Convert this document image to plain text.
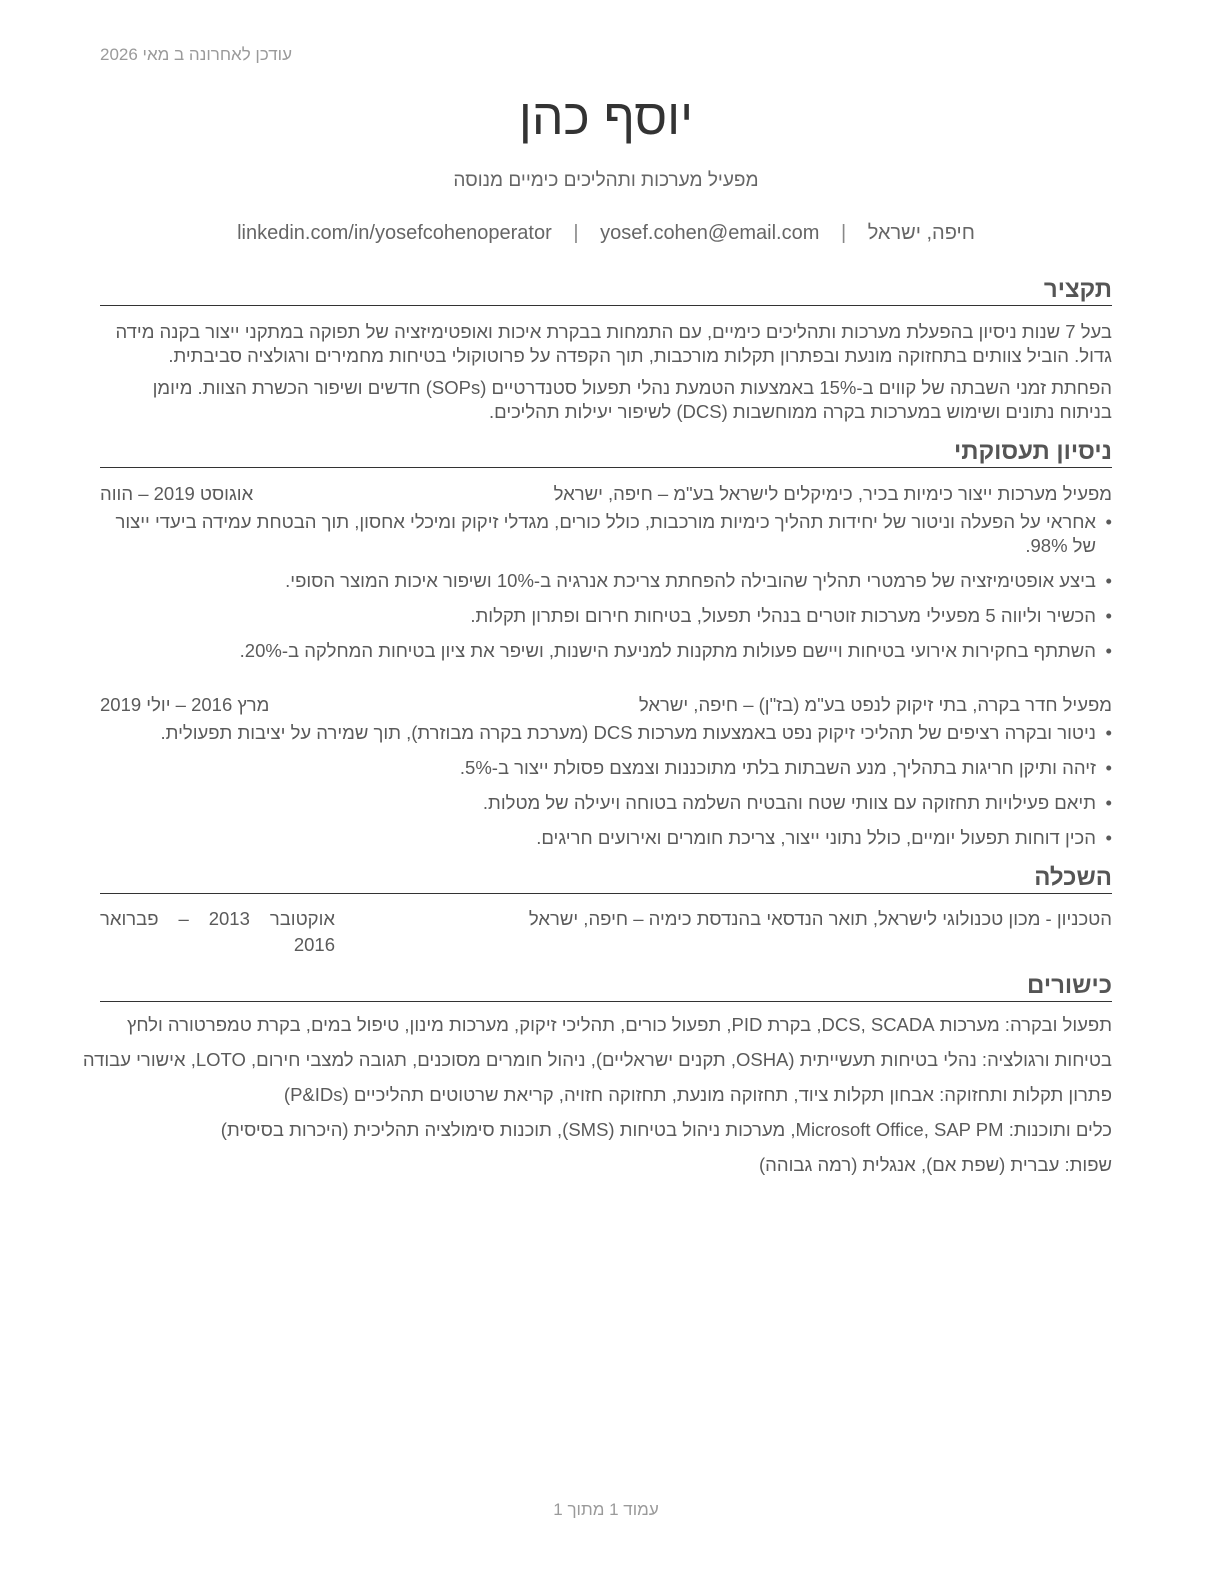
עודכן לאחרונה ב מאי 2026
יוסף כהן
מפעיל מערכות ותהליכים כימיים מנוסה
חיפה, ישראל | yosef.cohen@email.com | linkedin.com/in/yosefcohenoperator
תקציר

בעל 7 שנות ניסיון בהפעלת מערכות ותהליכים כימיים, עם התמחות בבקרת איכות ואופטימיזציה של תפוקה במתקני ייצור בקנה מידה גדול. הוביל צוותים בתחזוקה מונעת ובפתרון תקלות מורכבות, תוך הקפדה על פרוטוקולי בטיחות מחמירים ורגולציה סביבתית.

הפחתת זמני השבתה של קווים ב-15% באמצעות הטמעת נהלי תפעול סטנדרטיים (SOPs) חדשים ושיפור הכשרת הצוות. מיומן בניתוח נתונים ושימוש במערכות בקרה ממוחשבות (DCS) לשיפור יעילות תהליכים.

ניסיון תעסוקתי
מפעיל מערכות ייצור כימיות בכיר, כימיקלים לישראל בע"מ – חיפה, ישראל
אוגוסט 2019 – הווה
• אחראי על הפעלה וניטור של יחידות תהליך כימיות מורכבות, כולל כורים, מגדלי זיקוק ומיכלי אחסון, תוך הבטחת עמידה ביעדי ייצור של 98%.
• ביצע אופטימיזציה של פרמטרי תהליך שהובילה להפחתת צריכת אנרגיה ב-10% ושיפור איכות המוצר הסופי.
• הכשיר וליווה 5 מפעילי מערכות זוטרים בנהלי תפעול, בטיחות חירום ופתרון תקלות.
• השתתף בחקירות אירועי בטיחות ויישם פעולות מתקנות למניעת הישנות, ושיפר את ציון בטיחות המחלקה ב-20%.
מפעיל חדר בקרה, בתי זיקוק לנפט בע"מ (בז"ן) – חיפה, ישראל
מרץ 2016 – יולי 2019
• ניטור ובקרה רציפים של תהליכי זיקוק נפט באמצעות מערכות DCS (מערכת בקרה מבוזרת), תוך שמירה על יציבות תפעולית.
• זיהה ותיקן חריגות בתהליך, מנע השבתות בלתי מתוכננות וצמצם פסולת ייצור ב-5%.
• תיאם פעילויות תחזוקה עם צוותי שטח והבטיח השלמה בטוחה ויעילה של מטלות.
• הכין דוחות תפעול יומיים, כולל נתוני ייצור, צריכת חומרים ואירועים חריגים.
השכלה
הטכניון - מכון טכנולוגי לישראל, תואר הנדסאי בהנדסת כימיה – חיפה, ישראל
אוקטובר 2013 – פברואר 2016
כישורים
תפעול ובקרה: מערכות DCS, SCADA, בקרת PID, תפעול כורים, תהליכי זיקוק, מערכות מינון, טיפול במים, בקרת טמפרטורה ולחץ
בטיחות ורגולציה: נהלי בטיחות תעשייתית (OSHA, תקנים ישראליים), ניהול חומרים מסוכנים, תגובה למצבי חירום, LOTO, אישורי עבודה
פתרון תקלות ותחזוקה: אבחון תקלות ציוד, תחזוקה מונעת, תחזוקה חזויה, קריאת שרטוטים תהליכיים (P&IDs)
כלים ותוכנות: Microsoft Office, SAP PM, מערכות ניהול בטיחות (SMS), תוכנות סימולציה תהליכית (היכרות בסיסית)
שפות: עברית (שפת אם), אנגלית (רמה גבוהה)
עמוד 1 מתוך 1
